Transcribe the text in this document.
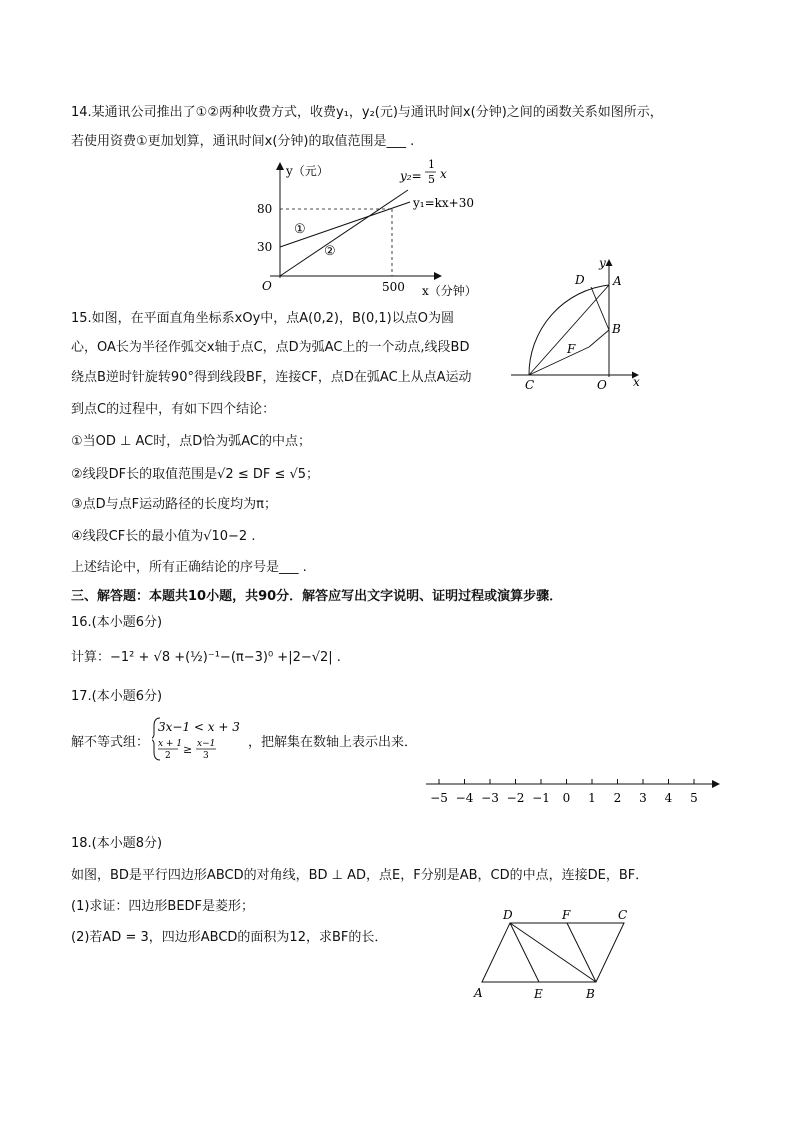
14.某通讯公司推出了①②两种收费方式，收费y₁，y₂(元)与通讯时间x(分钟)之间的函数关系如图所示，
若使用资费①更加划算，通讯时间x(分钟)的取值范围是___ .
y（元）
x（分钟）
O
80
30
500
y₂=
1
5 x
y₁=kx+30
①
②
15.如图，在平面直角坐标系xOy中，点A(0,2)，B(0,1)以点O为圆
心，OA长为半径作弧交x轴于点C，点D为弧AC上的一个动点,线段BD
绕点B逆时针旋转90°得到线段BF，连接CF，点D在弧AC上从点A运动
到点C的过程中，有如下四个结论：
①当OD ⊥ AC时，点D恰为弧AC的中点；
②线段DF长的取值范围是√2 ≤ DF ≤ √5；
③点D与点F运动路径的长度均为π；
④线段CF长的最小值为√10−2 .
上述结论中，所有正确结论的序号是___ .
y
x
A
B
C
D
F
O
三、解答题：本题共10小题，共90分．解答应写出文字说明、证明过程或演算步骤．
16.(本小题6分)
计算：−1² + √8 +(½)⁻¹−(π−3)⁰ +|2−√2| .
17.(本小题6分)
解不等式组：
3x−1 < x + 3
x + 1
2 ≥ x−1
3
，把解集在数轴上表示出来．
−5 −4 −3 −2 −1 0 1 2 3 4 5
18.(本小题8分)
如图，BD是平行四边形ABCD的对角线，BD ⊥ AD，点E，F分别是AB，CD的中点，连接DE，BF．
(1)求证：四边形BEDF是菱形；
(2)若AD = 3，四边形ABCD的面积为12，求BF的长．
A	B
C
D
E
F
